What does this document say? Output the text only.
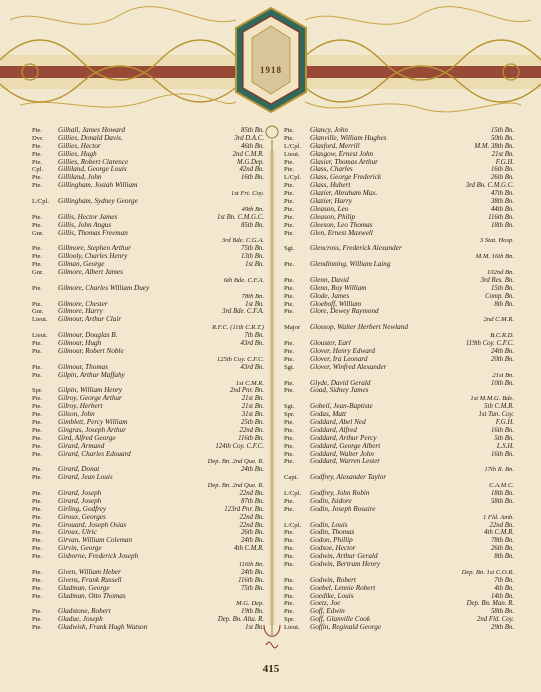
1918
Pte.	Gilhall, James Howard	85th Bn.
Dvr.	Gillies, Donald Davis.	3rd D.A.C.
Pte.	Gillies, Hector	46th Bn.
Pte.	Gillies, Hugh	2nd C.M.R.
Pte.	Gillies, Robert Clarence	M.G.Dep.
Cpl.	Gilliland, George Louis	42nd Bn.
Pte.	Gilliland, John	16th Bn.
Pte.	Gillingham, Josiah William
1st Frt. Coy.
L/Cpl.	Gillingham, Sydney George
49th Bn.
Pte.	Gillis, Hector James	1st Bn. C.M.G.C.
Pte.	Gillis, John Angus	85th Bn.
Gnr.	Gillis, Thomas Freeman
3rd Bde. C.G.A.
Pte.	Gillmore, Stephen Arthur	75th Bn.
Pte.	Gillooly, Charles Henry	13th Bn.
Pte.	Gilman, George	1st Bn.
Gnr.	Gilmore, Albert James
6th Bde. C.F.A.
Pte.	Gilmore, Charles William Duey
78th Bn.
Pte.	Gilmore, Chester	1st Bn.
Gnr.	Gilmore, Harry	3rd Bde. C.F.A.
Lieut.	Gilmour, Arthur Clair
R.F.C. (11th C.R.T.)
Lieut.	Gilmour, Douglas B.	7th Bn.
Pte.	Gilmour, Hugh	43rd Bn.
Pte.	Gilmour, Robert Noble
125th Coy. C.F.C.
Pte.	Gilmour, Thomas	43rd Bn.
Pte.	Gilpin, Arthur Maffahy
1st C.M.R.
Spr.	Gilpin, William Henry	2nd Pnr. Bn.
Pte.	Gilroy, George Arthur	21st Bn.
Pte.	Gilroy, Herbert	21st Bn.
Pte.	Gilson, John	31st Bn.
Pte.	Gimblett, Percy William	25th Bn.
Pte.	Gingras, Joseph Arthur	22nd Bn.
Pte.	Gird, Alfred George	116th Bn.
Pte.	Girard, Armand	124th Coy. C.F.C.
Pte.	Girard, Charles Edouard
Dep. Bn. 2nd Que. R.
Pte.	Girard, Donat	24th Bn.
Pte.	Girard, Jean Louis
Dep. Bn. 2nd Que. R.
Pte.	Girard, Joseph	22nd Bn.
Pte.	Girard, Joseph	87th Bn.
Pte.	Girling, Godfrey	123rd Pnr. Bn.
Pte.	Giroux, Georges	22nd Bn.
Pte.	Girouard, Joseph Osias	22nd Bn.
Pte.	Giroux, Ulric	26th Bn.
Pte.	Girvan, William Coleman	24th Bn.
Pte.	Girvin, George	4th C.M.R.
Pte.	Gisborne, Frederick Joseph
116th Bn.
Pte.	Given, William Heber	24th Bn.
Pte.	Givens, Frank Russell	116th Bn.
Pte.	Gladman, George	75th Bn.
Pte.	Gladman, Otto Thomas
M.G. Dep.
Pte.	Gladstone, Robert	19th Bn.
Pte.	Gladue, Joseph	Dep. Bn. Alta. R.
Pte.	Gladwish, Frank Hugh Watson	1st Bn.
Pte.	Glancy, John	15th Bn.
Pte.	Glanville, William Hughes	50th Bn.
L/Cpl.	Glasford, Merrill	M.M. 38th Bn.
Lieut.	Glasgow, Ernest John	21st Bn.
Pte.	Glasier, Thomas Arthur	F.G.H.
Pte.	Glass, Charles	16th Bn.
L/Cpl.	Glass, George Frederick	26th Bn.
Pte.	Glass, Hubert	3rd Bn. C.M.G.C.
Pte.	Glazier, Abraham Max.	47th Bn.
Pte.	Glazier, Harry	38th Bn.
Pte.	Gleason, Leo	44th Bn.
Pte.	Gleason, Philip	116th Bn.
Pte.	Gleeson, Leo Thomas	18th Bn.
Pte.	Glen, Ernest Maxwell
3 Stat. Hosp.
Sgt.	Glencross, Frederick Alexander
M.M. 16th Bn.
Pte.	Glendinning, William Laing
102nd Bn.
Pte.	Glenn, David	3rd Res. Bn.
Pte.	Glenn, Roy William	15th Bn.
Pte.	Glode, James	Comp. Bn.
Pte.	Gloeboff, William	8th Bn.
Pte.	Glore, Dewey Raymond
2nd C.M.R.
Major	Glossop, Walter Herbert Newland
B.C.R.D.
Pte.	Glouster, Earl	119th Coy. C.F.C.
Pte.	Glover, Henry Edward	24th Bn.
Pte.	Glover, Ira Leonard	20th Bn.
Sgt.	Glover, Winfred Alexander
21st Bn.
Pte.	Glyde, David Gerald	10th Bn.
Pte.	Goad, Sidney James
1st M.M.G. Bde.
Sgt.	Gobeil, Jean-Baptiste	5th C.M.R.
Spr.	Godas, Matt	1st Tun. Coy.
Pte.	Goddard, Abel Ned	F.G.H.
Pte.	Goddard, Alfred	16th Bn.
Pte.	Goddard, Arthur Percy	5th Bn.
Pte.	Goddard, George Albert	L.S.H.
Pte.	Goddard, Walter John	16th Bn.
Pte.	Goddard, Warren Lester
17th R. Bn.
Capt.	Godfrey, Alexander Taylor
C.A.M.C.
L/Cpl.	Godfrey, John Robin	18th Bn.
Pte.	Godin, Isidore	58th Bn.
Pte.	Godin, Joseph Rosaire
1 Fld. Amb.
L/Cpl.	Godin, Louis	22nd Bn.
Pte.	Godin, Thomas	4th C.M.R.
Pte.	Godon, Phillip	78th Bn.
Pte.	Godsoe, Hector	26th Bn.
Pte.	Godwin, Arthur Gerald	8th Bn.
Pte.	Godwin, Bertram Henry
Dep. Bn. 1st C.O.R.
Pte.	Godwin, Robert	7th Bn.
Pte.	Goebel, Lennie Robert	4th Bn.
Pte.	Goedike, Louis	14th Bn.
Pte.	Goetz, Joe	Dep. Bn. Man. R.
Pte.	Goff, Edwin	58th Bn.
Spr.	Goff, Glanville Cook	2nd Fld. Coy.
Lieut.	Goffin, Reginald George	29th Bn.
415
